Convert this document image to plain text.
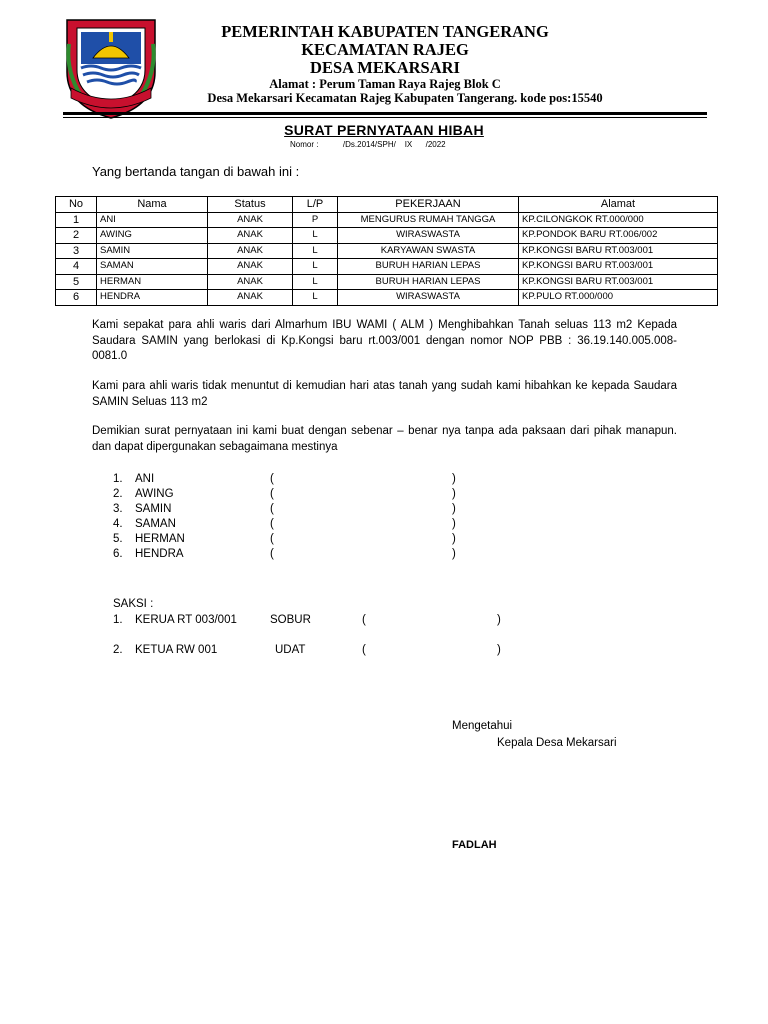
PEMERINTAH KABUPATEN TANGERANG
KECAMATAN RAJEG
DESA MEKARSARI
Alamat : Perum Taman Raya Rajeg Blok C
Desa Mekarsari Kecamatan Rajeg Kabupaten Tangerang. kode pos:15540
SURAT PERNYATAAN HIBAH
Nomor :           /Ds.2014/SPH/    IX      /2022
Yang bertanda tangan di bawah ini :
No	Nama	Status	L/P	PEKERJAAN	Alamat
1	ANI	ANAK	P	MENGURUS RUMAH TANGGA	KP.CILONGKOK RT.000/000
2	AWING	ANAK	L	WIRASWASTA	KP.PONDOK BARU RT.006/002
3	SAMIN	ANAK	L	KARYAWAN SWASTA	KP.KONGSI BARU RT.003/001
4	SAMAN	ANAK	L	BURUH HARIAN LEPAS	KP.KONGSI BARU RT.003/001
5	HERMAN	ANAK	L	BURUH HARIAN LEPAS	KP.KONGSI BARU RT.003/001
6	HENDRA	ANAK	L	WIRASWASTA	KP.PULO RT.000/000
Kami sepakat para ahli waris dari Almarhum IBU WAMI ( ALM ) Menghibahkan Tanah seluas 113 m2 Kepada Saudara SAMIN yang berlokasi di Kp.Kongsi baru rt.003/001 dengan nomor NOP PBB : 36.19.140.005.008-0081.0
Kami para ahli waris tidak menuntut di kemudian hari atas tanah yang sudah kami hibahkan ke kepada Saudara SAMIN Seluas 113 m2
Demikian surat pernyataan ini kami buat dengan sebenar – benar nya tanpa ada paksaan dari pihak manapun. dan dapat dipergunakan sebagaimana mestinya
1. ANI	(	)
2. AWING	(	)
3. SAMIN	(	)
4. SAMAN	(	)
5. HERMAN	(	)
6. HENDRA	(	)
SAKSI :
1. KERUA RT 003/001	SOBUR	(	)
2. KETUA RW 001	UDAT	(	)
Mengetahui
Kepala Desa Mekarsari
FADLAH
